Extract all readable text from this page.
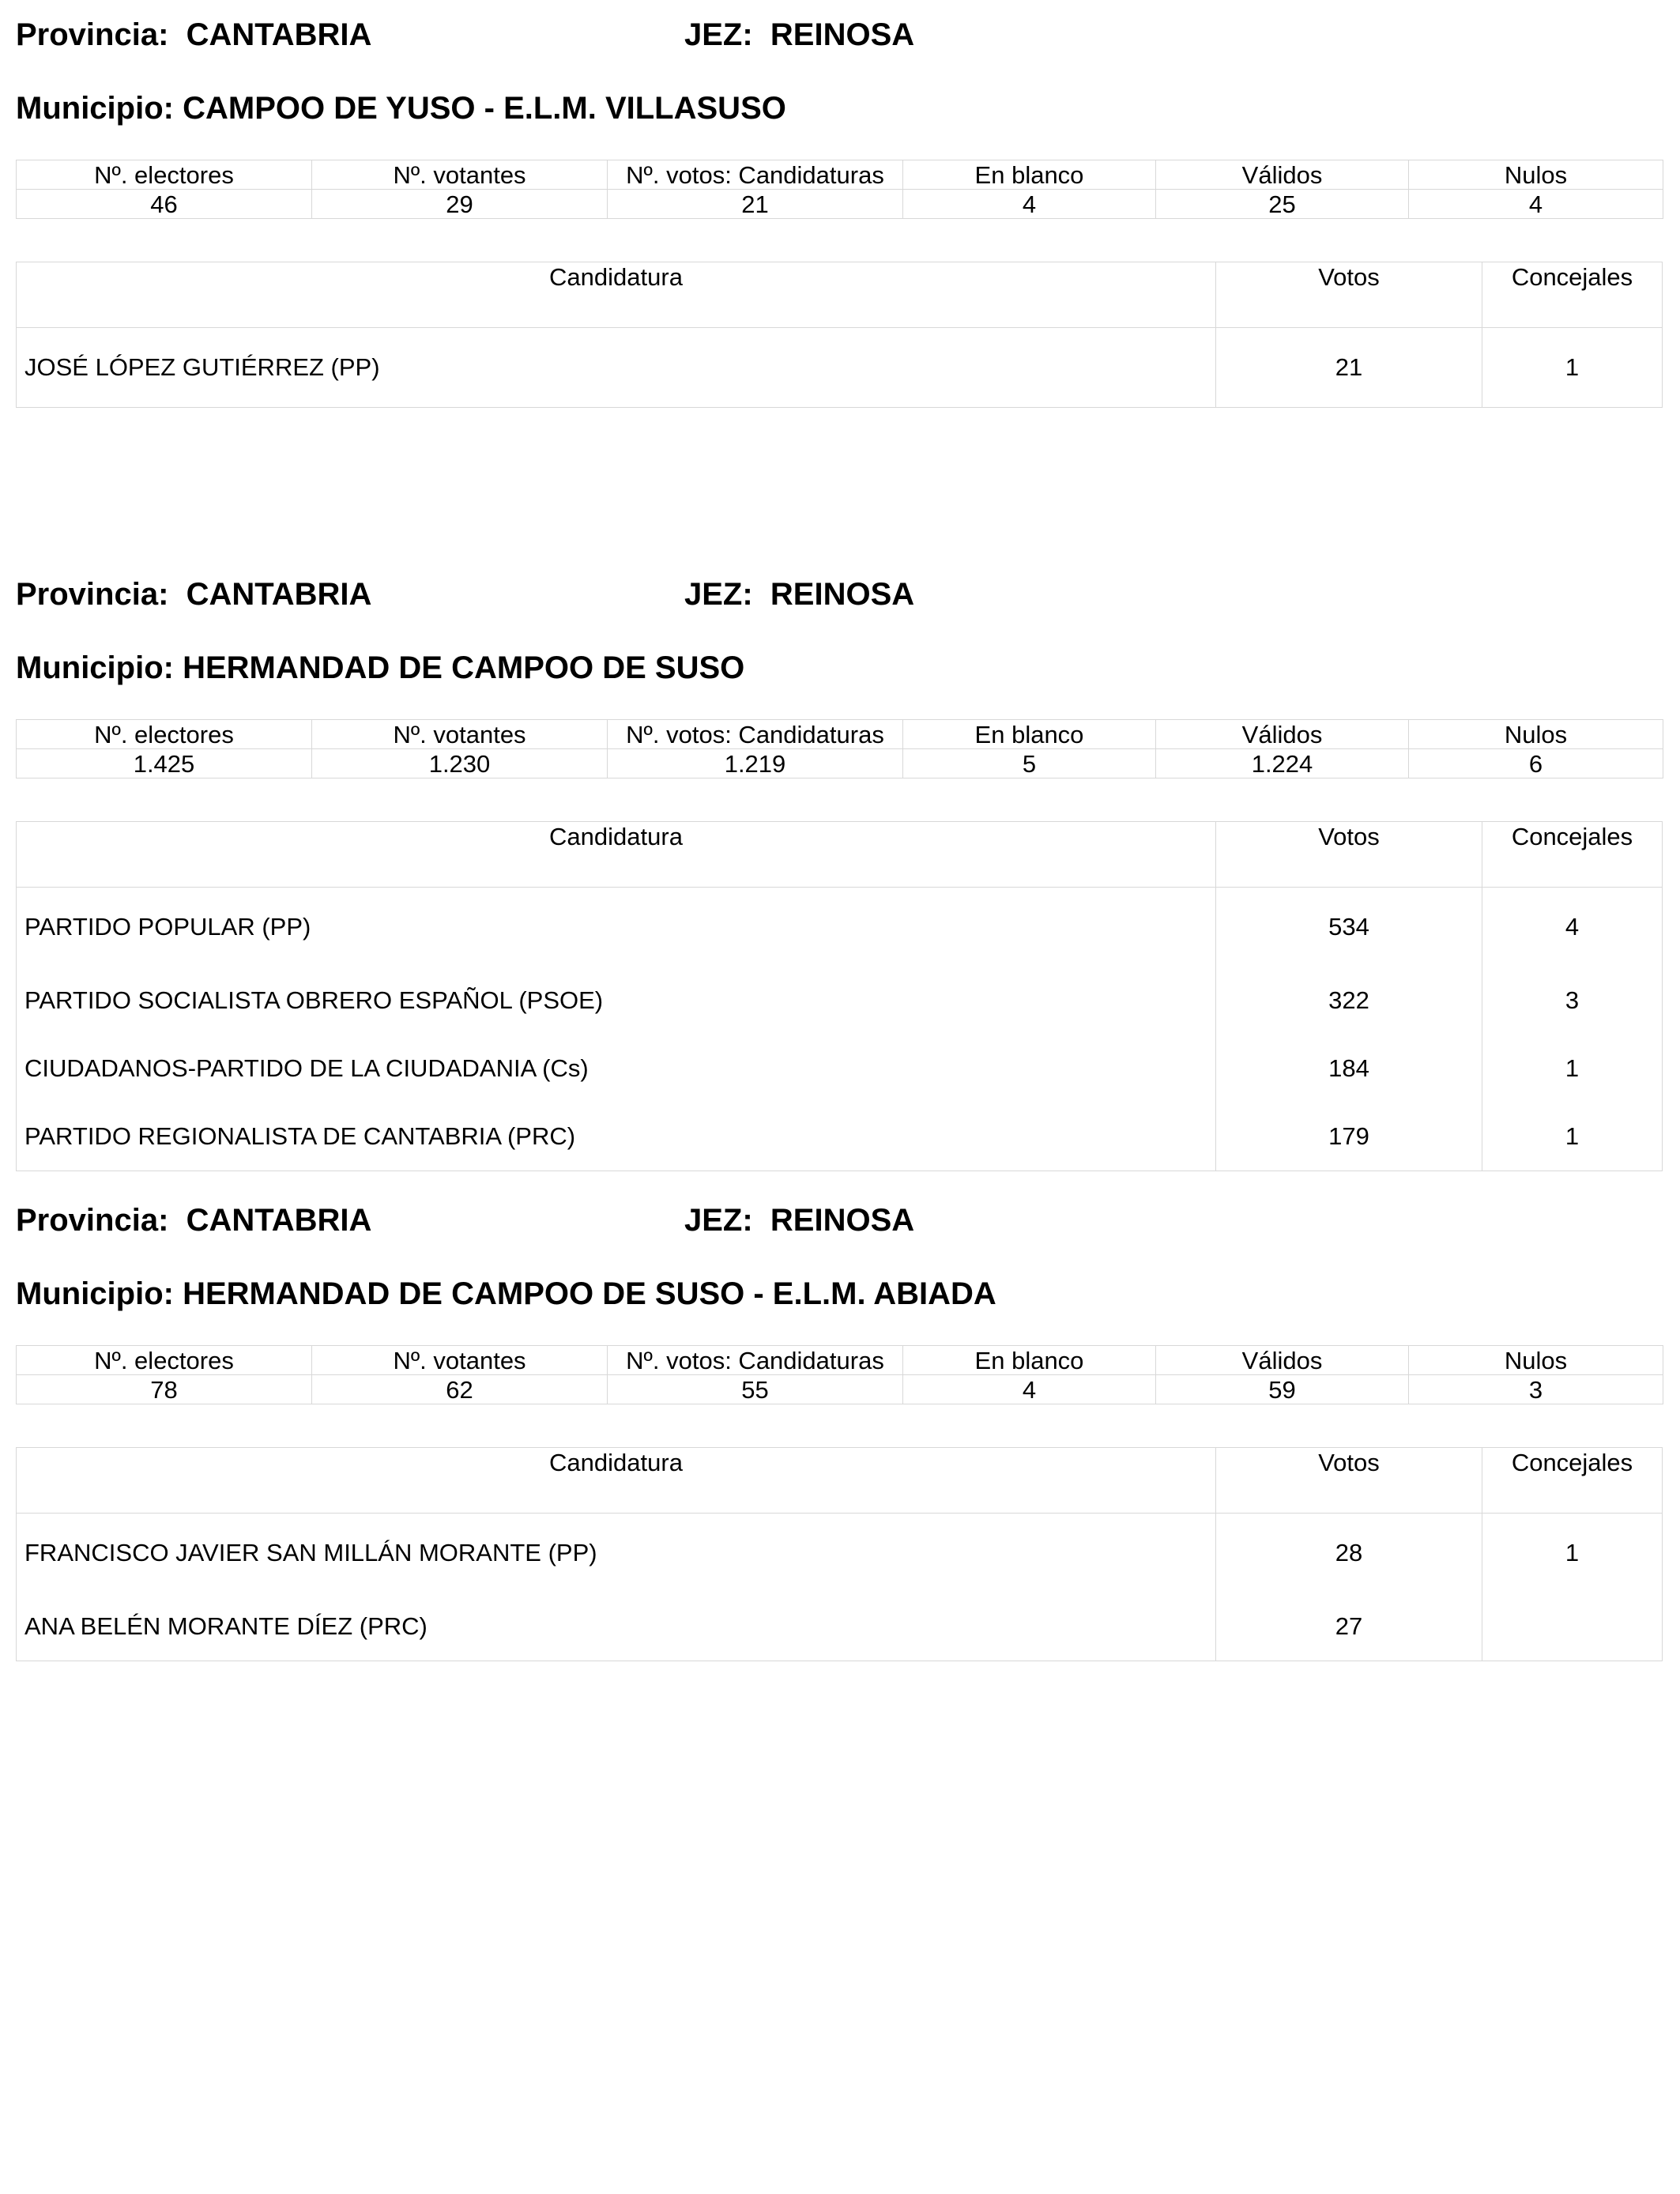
Provincia: CANTABRIA	JEZ: REINOSA
Municipio: CAMPOO DE YUSO - E.L.M. VILLASUSO
Nº. electores	Nº. votantes	Nº. votos: Candidaturas	En blanco	Válidos	Nulos
46	29	21	4	25	4
Candidatura	Votos	Concejales
JOSÉ LÓPEZ GUTIÉRREZ (PP)	21	1
Provincia: CANTABRIA	JEZ: REINOSA
Municipio: HERMANDAD DE CAMPOO DE SUSO
Nº. electores	Nº. votantes	Nº. votos: Candidaturas	En blanco	Válidos	Nulos
1.425	1.230	1.219	5	1.224	6
Candidatura	Votos	Concejales
PARTIDO POPULAR (PP)	534	4
PARTIDO SOCIALISTA OBRERO ESPAÑOL (PSOE)	322	3
CIUDADANOS-PARTIDO DE LA CIUDADANIA (Cs)	184	1
PARTIDO REGIONALISTA DE CANTABRIA (PRC)	179	1
Provincia: CANTABRIA	JEZ: REINOSA
Municipio: HERMANDAD DE CAMPOO DE SUSO - E.L.M. ABIADA
Nº. electores	Nº. votantes	Nº. votos: Candidaturas	En blanco	Válidos	Nulos
78	62	55	4	59	3
Candidatura	Votos	Concejales
FRANCISCO JAVIER SAN MILLÁN MORANTE (PP)	28	1
ANA BELÉN MORANTE DÍEZ (PRC)	27
